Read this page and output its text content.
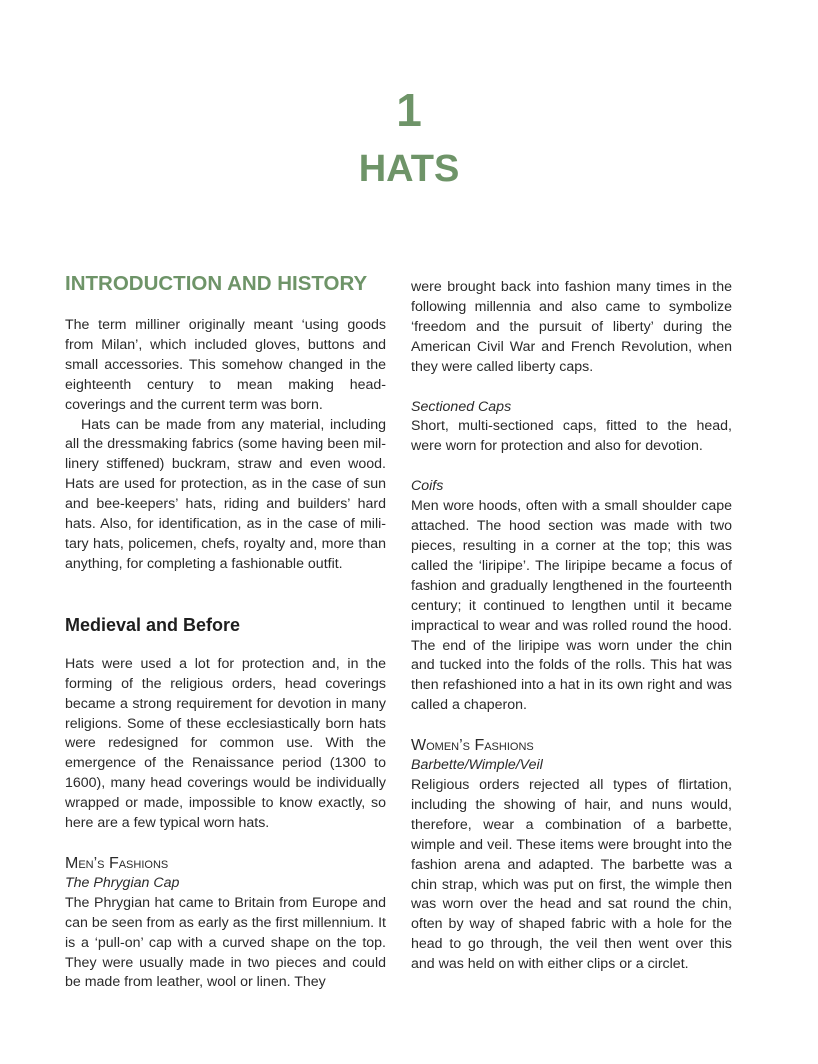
1
HATS
INTRODUCTION AND HISTORY

The term milliner originally meant ‘using goods from Milan’, which included gloves, buttons and small accessories. This somehow changed in the eighteenth century to mean making head-coverings and the current term was born.

Hats can be made from any material, including all the dressmaking fabrics (some having been millinery stiffened) buckram, straw and even wood. Hats are used for protection, as in the case of sun and bee-keepers’ hats, riding and builders’ hard hats. Also, for identification, as in the case of military hats, policemen, chefs, royalty and, more than anything, for completing a fashionable outfit.

Medieval and Before

Hats were used a lot for protection and, in the forming of the religious orders, head coverings became a strong requirement for devotion in many religions. Some of these ecclesiastically born hats were redesigned for common use. With the emergence of the Renaissance period (1300 to 1600), many head coverings would be individually wrapped or made, impossible to know exactly, so here are a few typical worn hats.

Men’s Fashions
The Phrygian Cap

The Phrygian hat came to Britain from Europe and can be seen from as early as the first millennium. It is a ‘pull-on’ cap with a curved shape on the top. They were usually made in two pieces and could be made from leather, wool or linen. They

were brought back into fashion many times in the following millennia and also came to symbolize ‘freedom and the pursuit of liberty’ during the American Civil War and French Revolution, when they were called liberty caps.

Sectioned Caps

Short, multi-sectioned caps, fitted to the head, were worn for protection and also for devotion.

Coifs

Men wore hoods, often with a small shoulder cape attached. The hood section was made with two pieces, resulting in a corner at the top; this was called the ‘liripipe’. The liripipe became a focus of fashion and gradually lengthened in the fourteenth century; it continued to lengthen until it became impractical to wear and was rolled round the hood. The end of the liripipe was worn under the chin and tucked into the folds of the rolls. This hat was then refashioned into a hat in its own right and was called a chaperon.

Women’s Fashions
Barbette/Wimple/Veil

Religious orders rejected all types of flirtation, including the showing of hair, and nuns would, therefore, wear a combination of a barbette, wimple and veil. These items were brought into the fashion arena and adapted. The barbette was a chin strap, which was put on first, the wimple then was worn over the head and sat round the chin, often by way of shaped fabric with a hole for the head to go through, the veil then went over this and was held on with either clips or a circlet.
